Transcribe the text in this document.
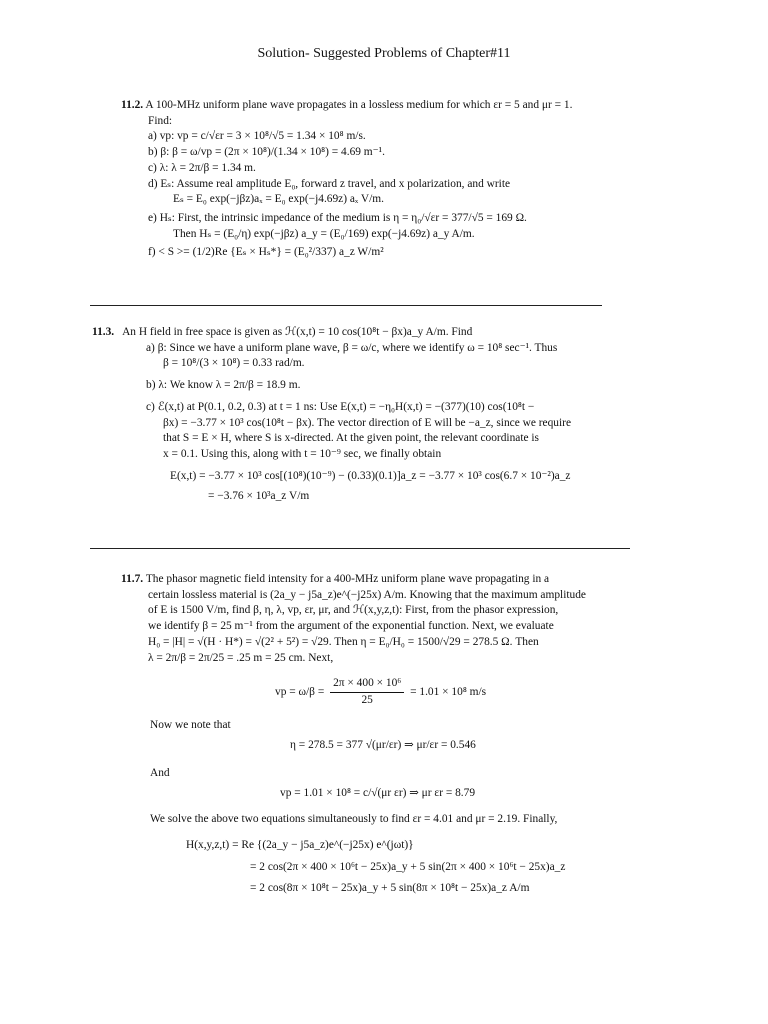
Solution- Suggested Problems of Chapter#11
11.2. A 100-MHz uniform plane wave propagates in a lossless medium for which εr = 5 and μr = 1.
Find:
a) vp: vp = c/√εr = 3 × 10⁸/√5 = 1.34 × 10⁸ m/s.
b) β: β = ω/vp = (2π × 10⁸)/(1.34 × 10⁸) = 4.69 m⁻¹.
c) λ: λ = 2π/β = 1.34 m.
d) Eₛ: Assume real amplitude E₀, forward z travel, and x polarization, and write
Eₛ = E₀ exp(−jβz)aₓ = E₀ exp(−j4.69z) aₓ V/m.
e) Hₛ: First, the intrinsic impedance of the medium is η = η₀/√εr = 377/√5 = 169 Ω.
Then Hₛ = (E₀/η) exp(−jβz) a_y = (E₀/169) exp(−j4.69z) a_y A/m.
f) < S >= (1/2)Re {Eₛ × Hₛ*} = (E₀²/337) a_z W/m²
11.3. An H field in free space is given as ℋ(x,t) = 10 cos(10⁸t − βx)a_y A/m. Find
a) β: Since we have a uniform plane wave, β = ω/c, where we identify ω = 10⁸ sec⁻¹. Thus
β = 10⁸/(3 × 10⁸) = 0.33 rad/m.
b) λ: We know λ = 2π/β = 18.9 m.
c) ℰ(x,t) at P(0.1, 0.2, 0.3) at t = 1 ns: Use E(x,t) = −η₀H(x,t) = −(377)(10) cos(10⁸t −
βx) = −3.77 × 10³ cos(10⁸t − βx). The vector direction of E will be −a_z, since we require
that S = E × H, where S is x-directed. At the given point, the relevant coordinate is
x = 0.1. Using this, along with t = 10⁻⁹ sec, we finally obtain
E(x,t) = −3.77 × 10³ cos[(10⁸)(10⁻⁹) − (0.33)(0.1)]a_z = −3.77 × 10³ cos(6.7 × 10⁻²)a_z
= −3.76 × 10³a_z V/m
11.7. The phasor magnetic field intensity for a 400-MHz uniform plane wave propagating in a
certain lossless material is (2a_y − j5a_z)e^(−j25x) A/m. Knowing that the maximum amplitude
of E is 1500 V/m, find β, η, λ, vp, εr, μr, and ℋ(x,y,z,t): First, from the phasor expression,
we identify β = 25 m⁻¹ from the argument of the exponential function. Next, we evaluate
H₀ = |H| = √(H · H*) = √(2² + 5²) = √29. Then η = E₀/H₀ = 1500/√29 = 278.5 Ω. Then
λ = 2π/β = 2π/25 = .25 m = 25 cm. Next,
vp = $\omega/\beta = \frac{\text{2π × 400 × 10⁶}}{25} = 1.01 \times 10^8$ m/s
Now we note that
η = 278.5 = 377 √(μr/εr) ⇒ μr/εr = 0.546
And
vp = 1.01 × 10⁸ = c/√(μr εr) ⇒ μr εr = 8.79
We solve the above two equations simultaneously to find εr = 4.01 and μr = 2.19. Finally,
H(x,y,z,t) = Re {(2a_y − j5a_z)e^(−j25x) e^(jωt)}
= 2 cos(2π × 400 × 10⁶t − 25x)a_y + 5 sin(2π × 400 × 10⁶t − 25x)a_z
= 2 cos(8π × 10⁸t − 25x)a_y + 5 sin(8π × 10⁸t − 25x)a_z A/m
